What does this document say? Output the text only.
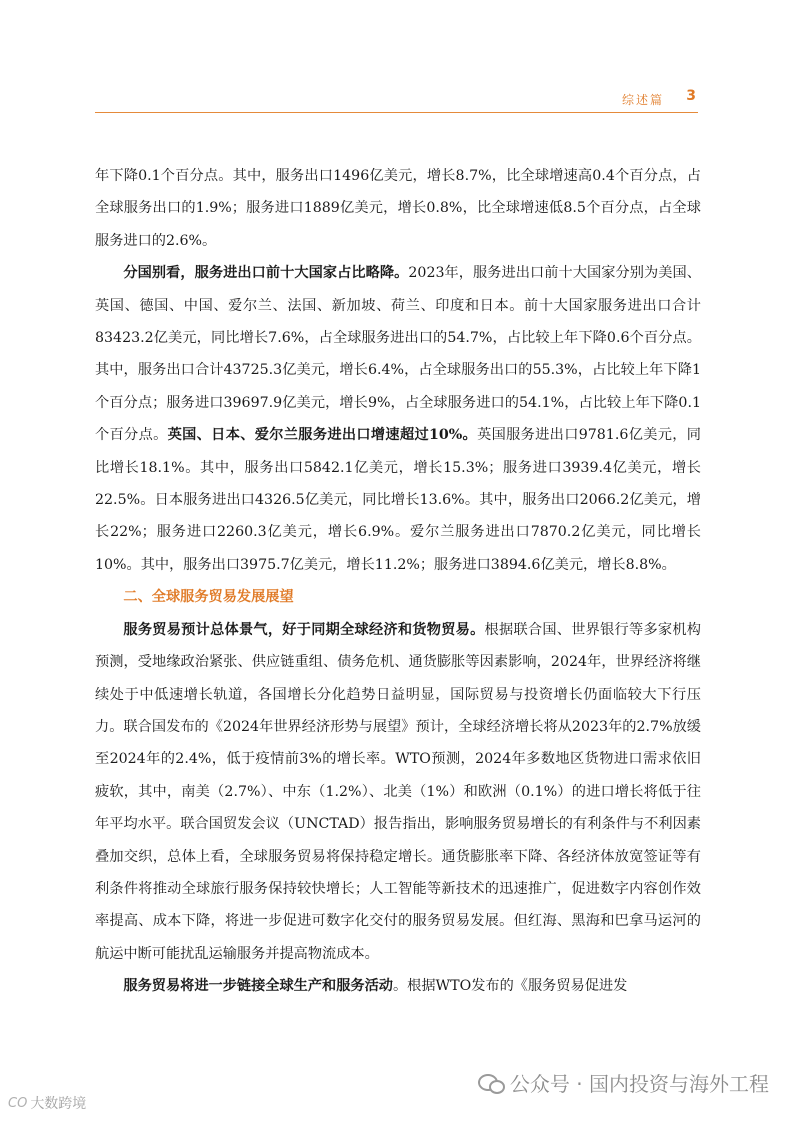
综述篇 3

年下降0.1个百分点。其中，服务出口1496亿美元，增长8.7%，比全球增速高0.4个百分点，占全球服务出口的1.9%；服务进口1889亿美元，增长0.8%，比全球增速低8.5个百分点，占全球服务进口的2.6%。

分国别看，服务进出口前十大国家占比略降。2023年，服务进出口前十大国家分别为美国、英国、德国、中国、爱尔兰、法国、新加坡、荷兰、印度和日本。前十大国家服务进出口合计83423.2亿美元，同比增长7.6%，占全球服务进出口的54.7%，占比较上年下降0.6个百分点。其中，服务出口合计43725.3亿美元，增长6.4%，占全球服务出口的55.3%，占比较上年下降1个百分点；服务进口39697.9亿美元，增长9%，占全球服务进口的54.1%，占比较上年下降0.1个百分点。英国、日本、爱尔兰服务进出口增速超过10%。英国服务进出口9781.6亿美元，同比增长18.1%。其中，服务出口5842.1亿美元，增长15.3%；服务进口3939.4亿美元，增长22.5%。日本服务进出口4326.5亿美元，同比增长13.6%。其中，服务出口2066.2亿美元，增长22%；服务进口2260.3亿美元，增长6.9%。爱尔兰服务进出口7870.2亿美元，同比增长10%。其中，服务出口3975.7亿美元，增长11.2%；服务进口3894.6亿美元，增长8.8%。

二、全球服务贸易发展展望

服务贸易预计总体景气，好于同期全球经济和货物贸易。根据联合国、世界银行等多家机构预测，受地缘政治紧张、供应链重组、债务危机、通货膨胀等因素影响，2024年，世界经济将继续处于中低速增长轨道，各国增长分化趋势日益明显，国际贸易与投资增长仍面临较大下行压力。联合国发布的《2024年世界经济形势与展望》预计，全球经济增长将从2023年的2.7%放缓至2024年的2.4%，低于疫情前3%的增长率。WTO预测，2024年多数地区货物进口需求依旧疲软，其中，南美（2.7%）、中东（1.2%）、北美（1%）和欧洲（0.1%）的进口增长将低于往年平均水平。联合国贸发会议（UNCTAD）报告指出，影响服务贸易增长的有利条件与不利因素叠加交织，总体上看，全球服务贸易将保持稳定增长。通货膨胀率下降、各经济体放宽签证等有利条件将推动全球旅行服务保持较快增长；人工智能等新技术的迅速推广，促进数字内容创作效率提高、成本下降，将进一步促进可数字化交付的服务贸易发展。但红海、黑海和巴拿马运河的航运中断可能扰乱运输服务并提高物流成本。

服务贸易将进一步链接全球生产和服务活动。根据WTO发布的《服务贸易促进发

公众号 · 国内投资与海外工程
CO 大数跨境
